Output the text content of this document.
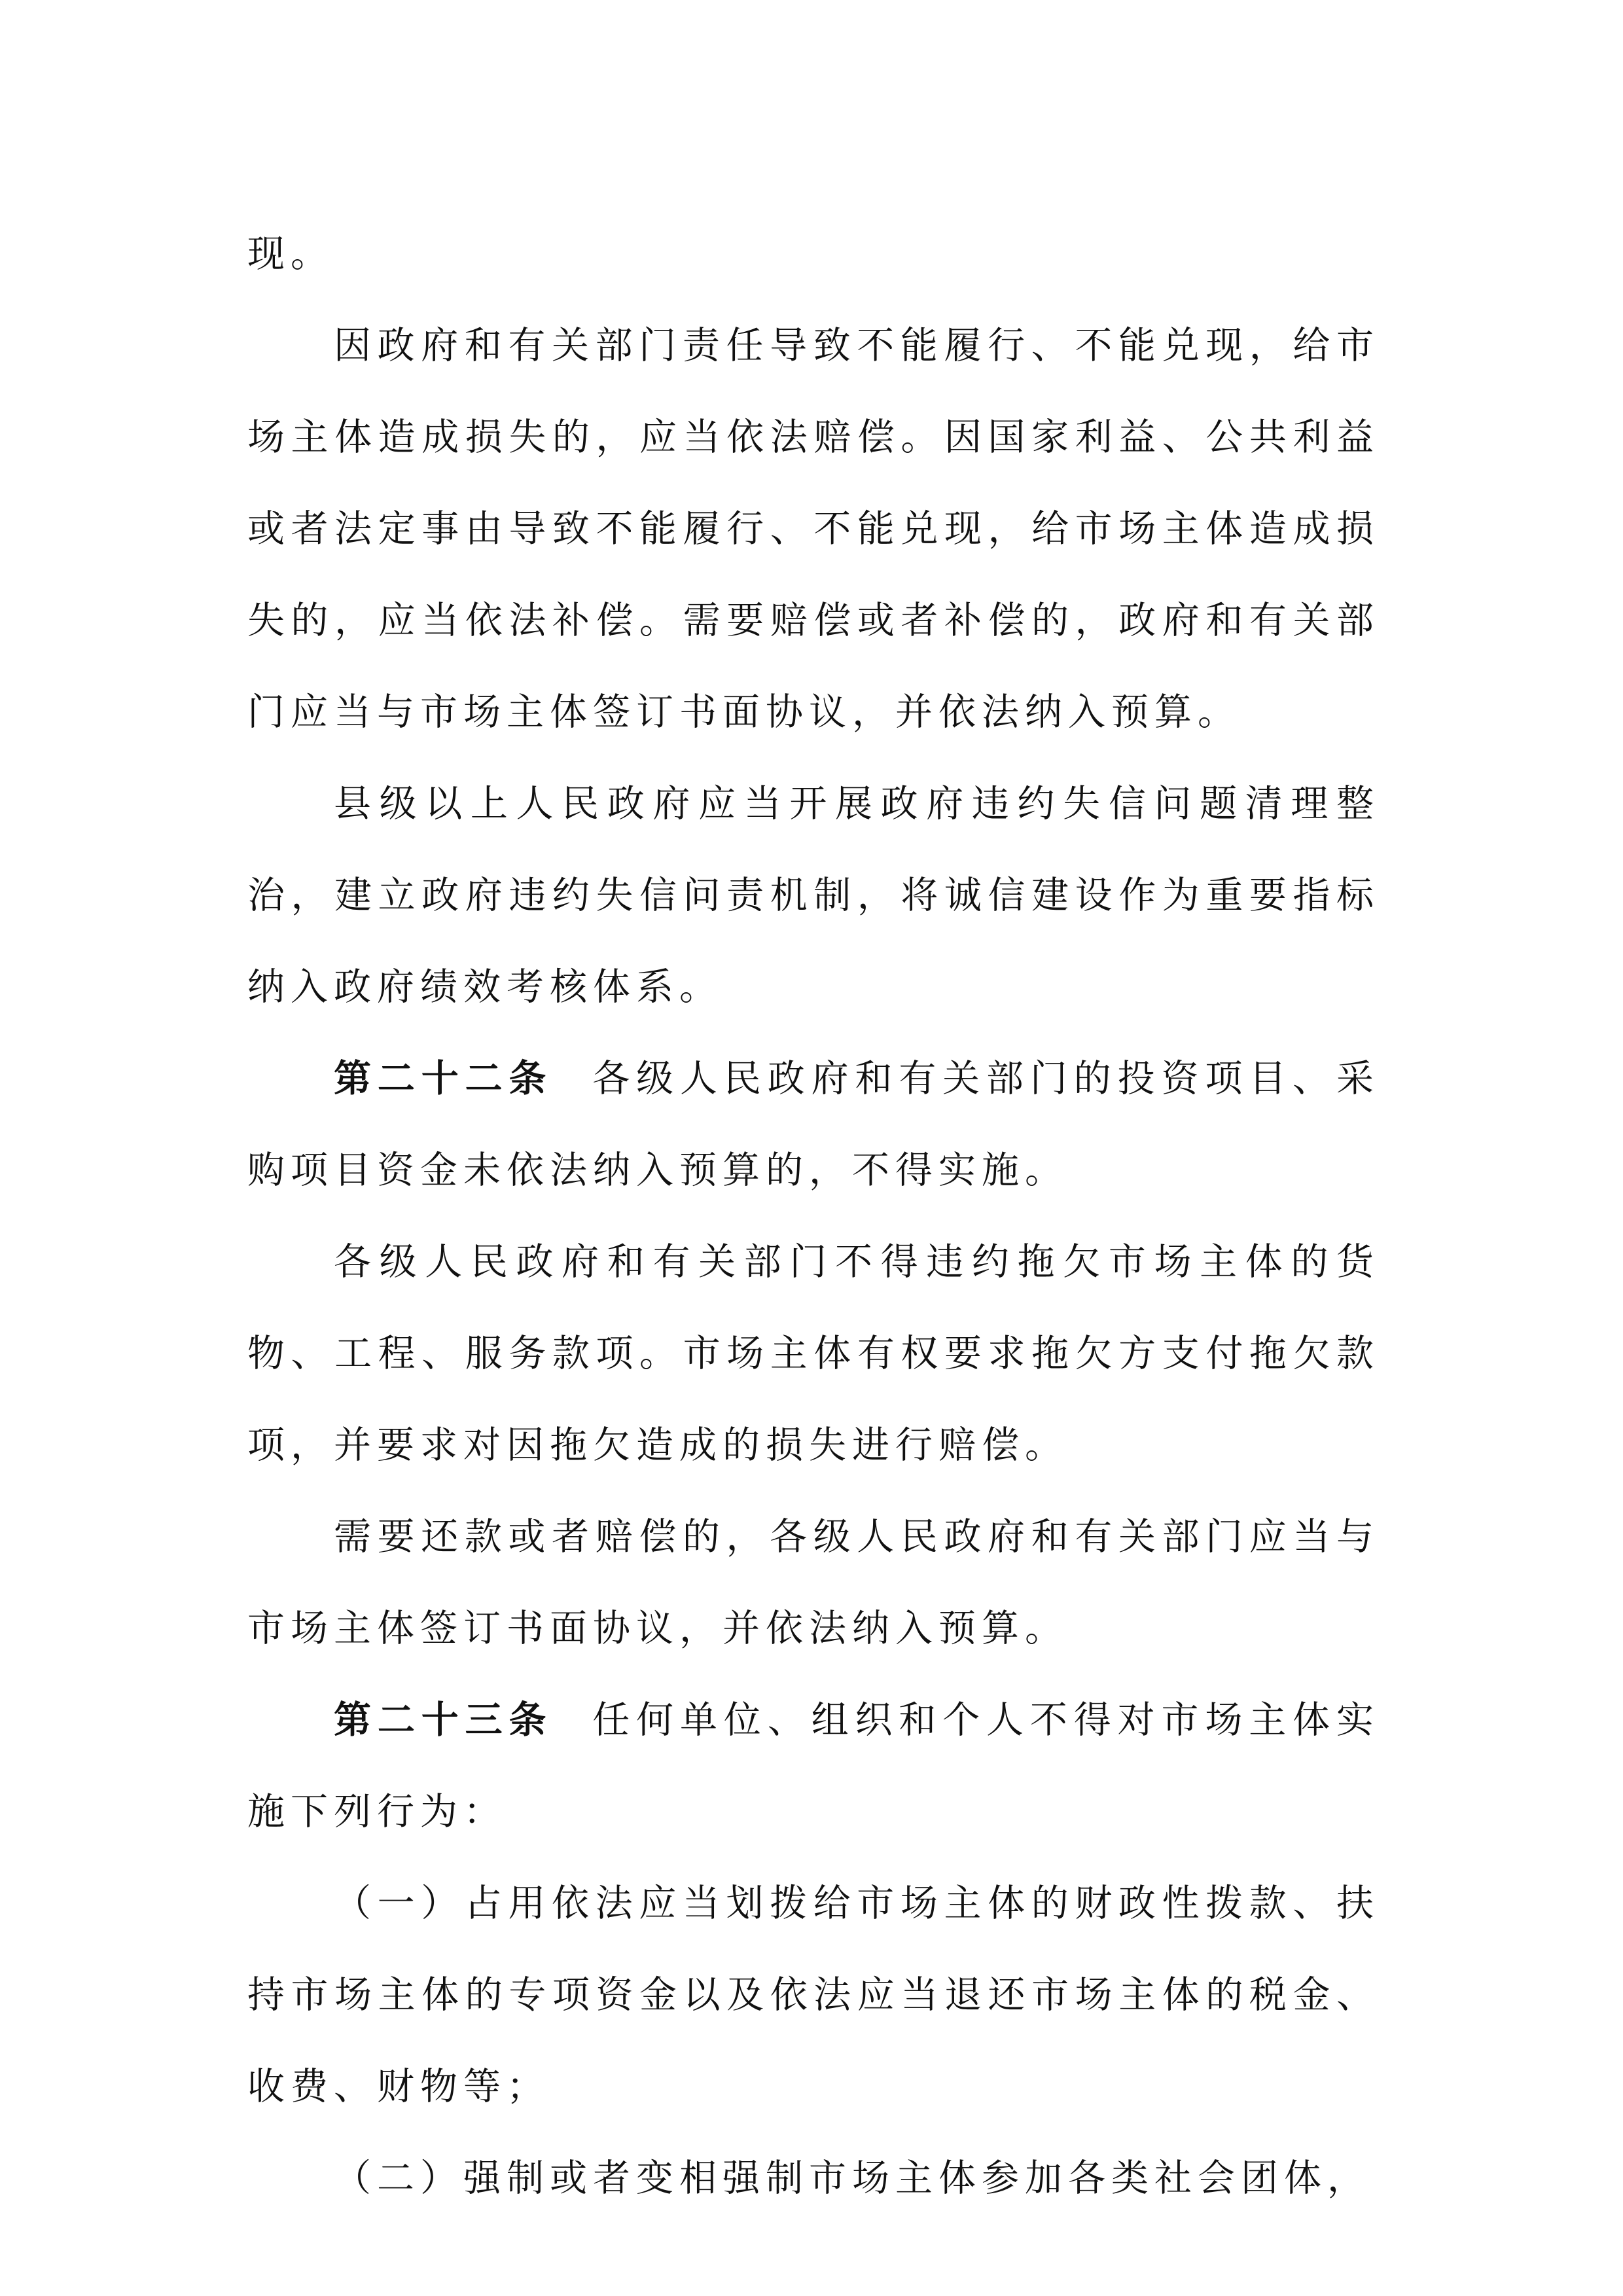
现。

因政府和有关部门责任导致不能履行、不能兑现，给市场主体造成损失的，应当依法赔偿。因国家利益、公共利益或者法定事由导致不能履行、不能兑现，给市场主体造成损失的，应当依法补偿。需要赔偿或者补偿的，政府和有关部门应当与市场主体签订书面协议，并依法纳入预算。

县级以上人民政府应当开展政府违约失信问题清理整治，建立政府违约失信问责机制，将诚信建设作为重要指标纳入政府绩效考核体系。

第二十二条 各级人民政府和有关部门的投资项目、采购项目资金未依法纳入预算的，不得实施。

各级人民政府和有关部门不得违约拖欠市场主体的货物、工程、服务款项。市场主体有权要求拖欠方支付拖欠款项，并要求对因拖欠造成的损失进行赔偿。

需要还款或者赔偿的，各级人民政府和有关部门应当与市场主体签订书面协议，并依法纳入预算。

第二十三条 任何单位、组织和个人不得对市场主体实施下列行为：

（一）占用依法应当划拨给市场主体的财政性拨款、扶持市场主体的专项资金以及依法应当退还市场主体的税金、收费、财物等；

（二）强制或者变相强制市场主体参加各类社会团体，
